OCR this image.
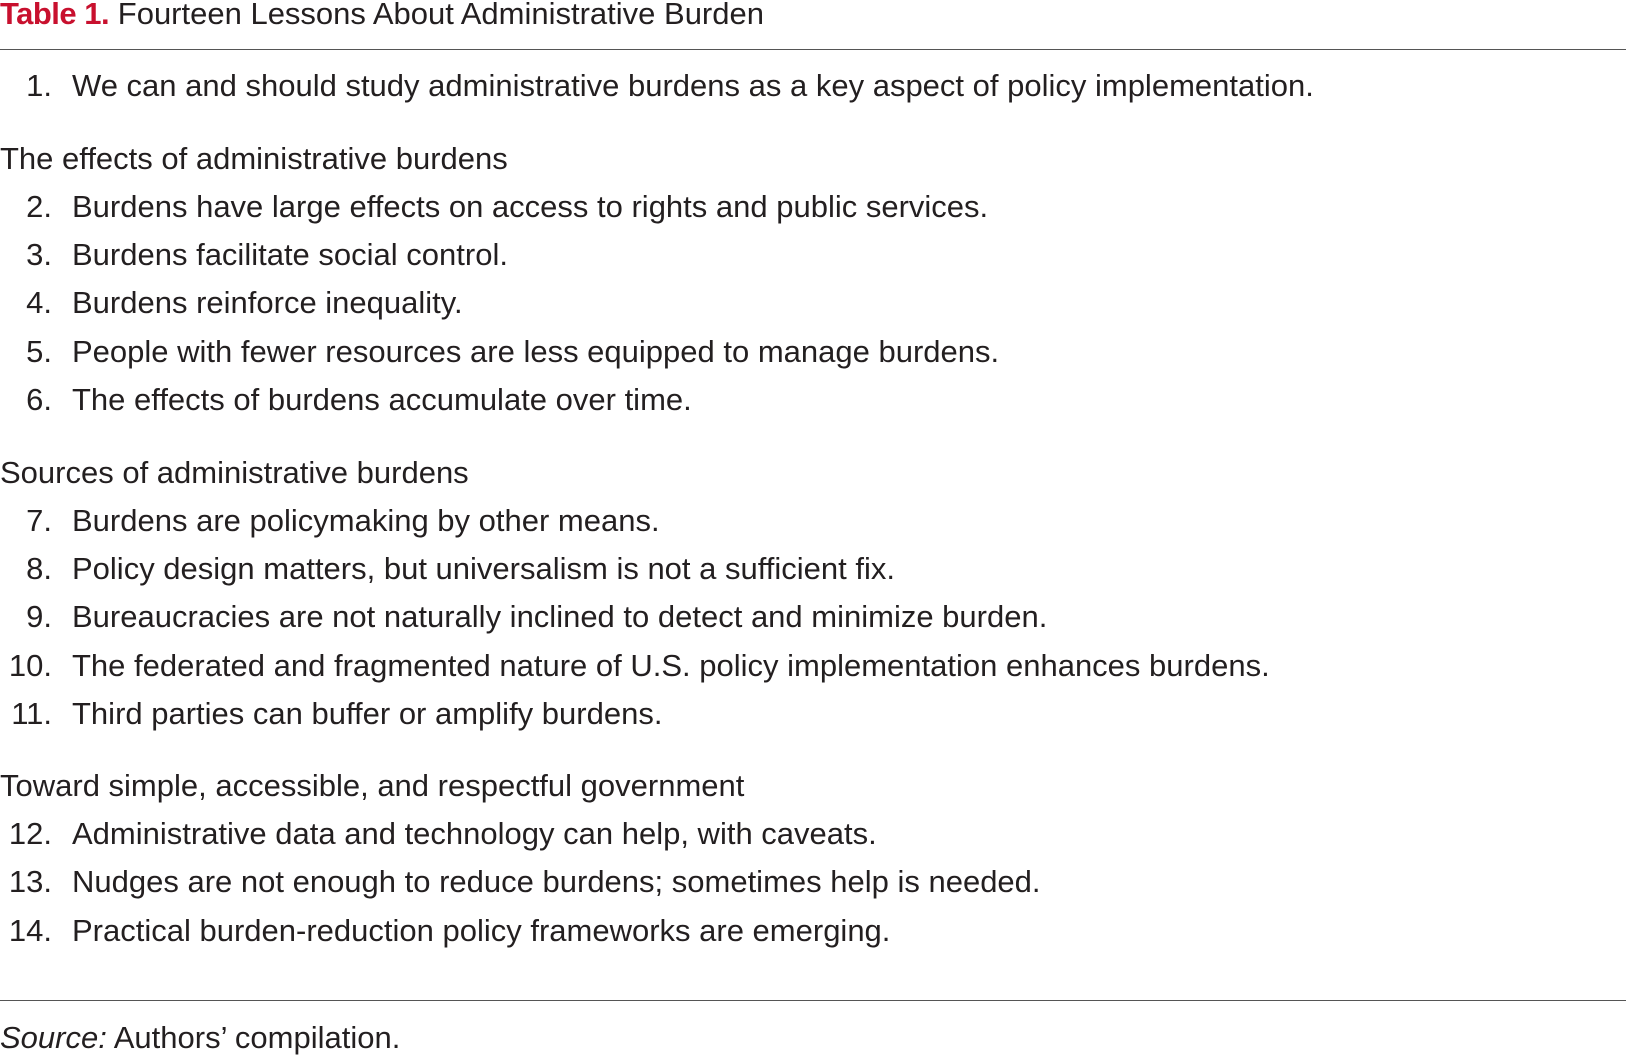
Table 1. Fourteen Lessons About Administrative Burden
1. We can and should study administrative burdens as a key aspect of policy implementation.
The effects of administrative burdens
2. Burdens have large effects on access to rights and public services.
3. Burdens facilitate social control.
4. Burdens reinforce inequality.
5. People with fewer resources are less equipped to manage burdens.
6. The effects of burdens accumulate over time.
Sources of administrative burdens
7. Burdens are policymaking by other means.
8. Policy design matters, but universalism is not a sufficient fix.
9. Bureaucracies are not naturally inclined to detect and minimize burden.
10. The federated and fragmented nature of U.S. policy implementation enhances burdens.
11. Third parties can buffer or amplify burdens.
Toward simple, accessible, and respectful government
12. Administrative data and technology can help, with caveats.
13. Nudges are not enough to reduce burdens; sometimes help is needed.
14. Practical burden-reduction policy frameworks are emerging.
Source: Authors’ compilation.
